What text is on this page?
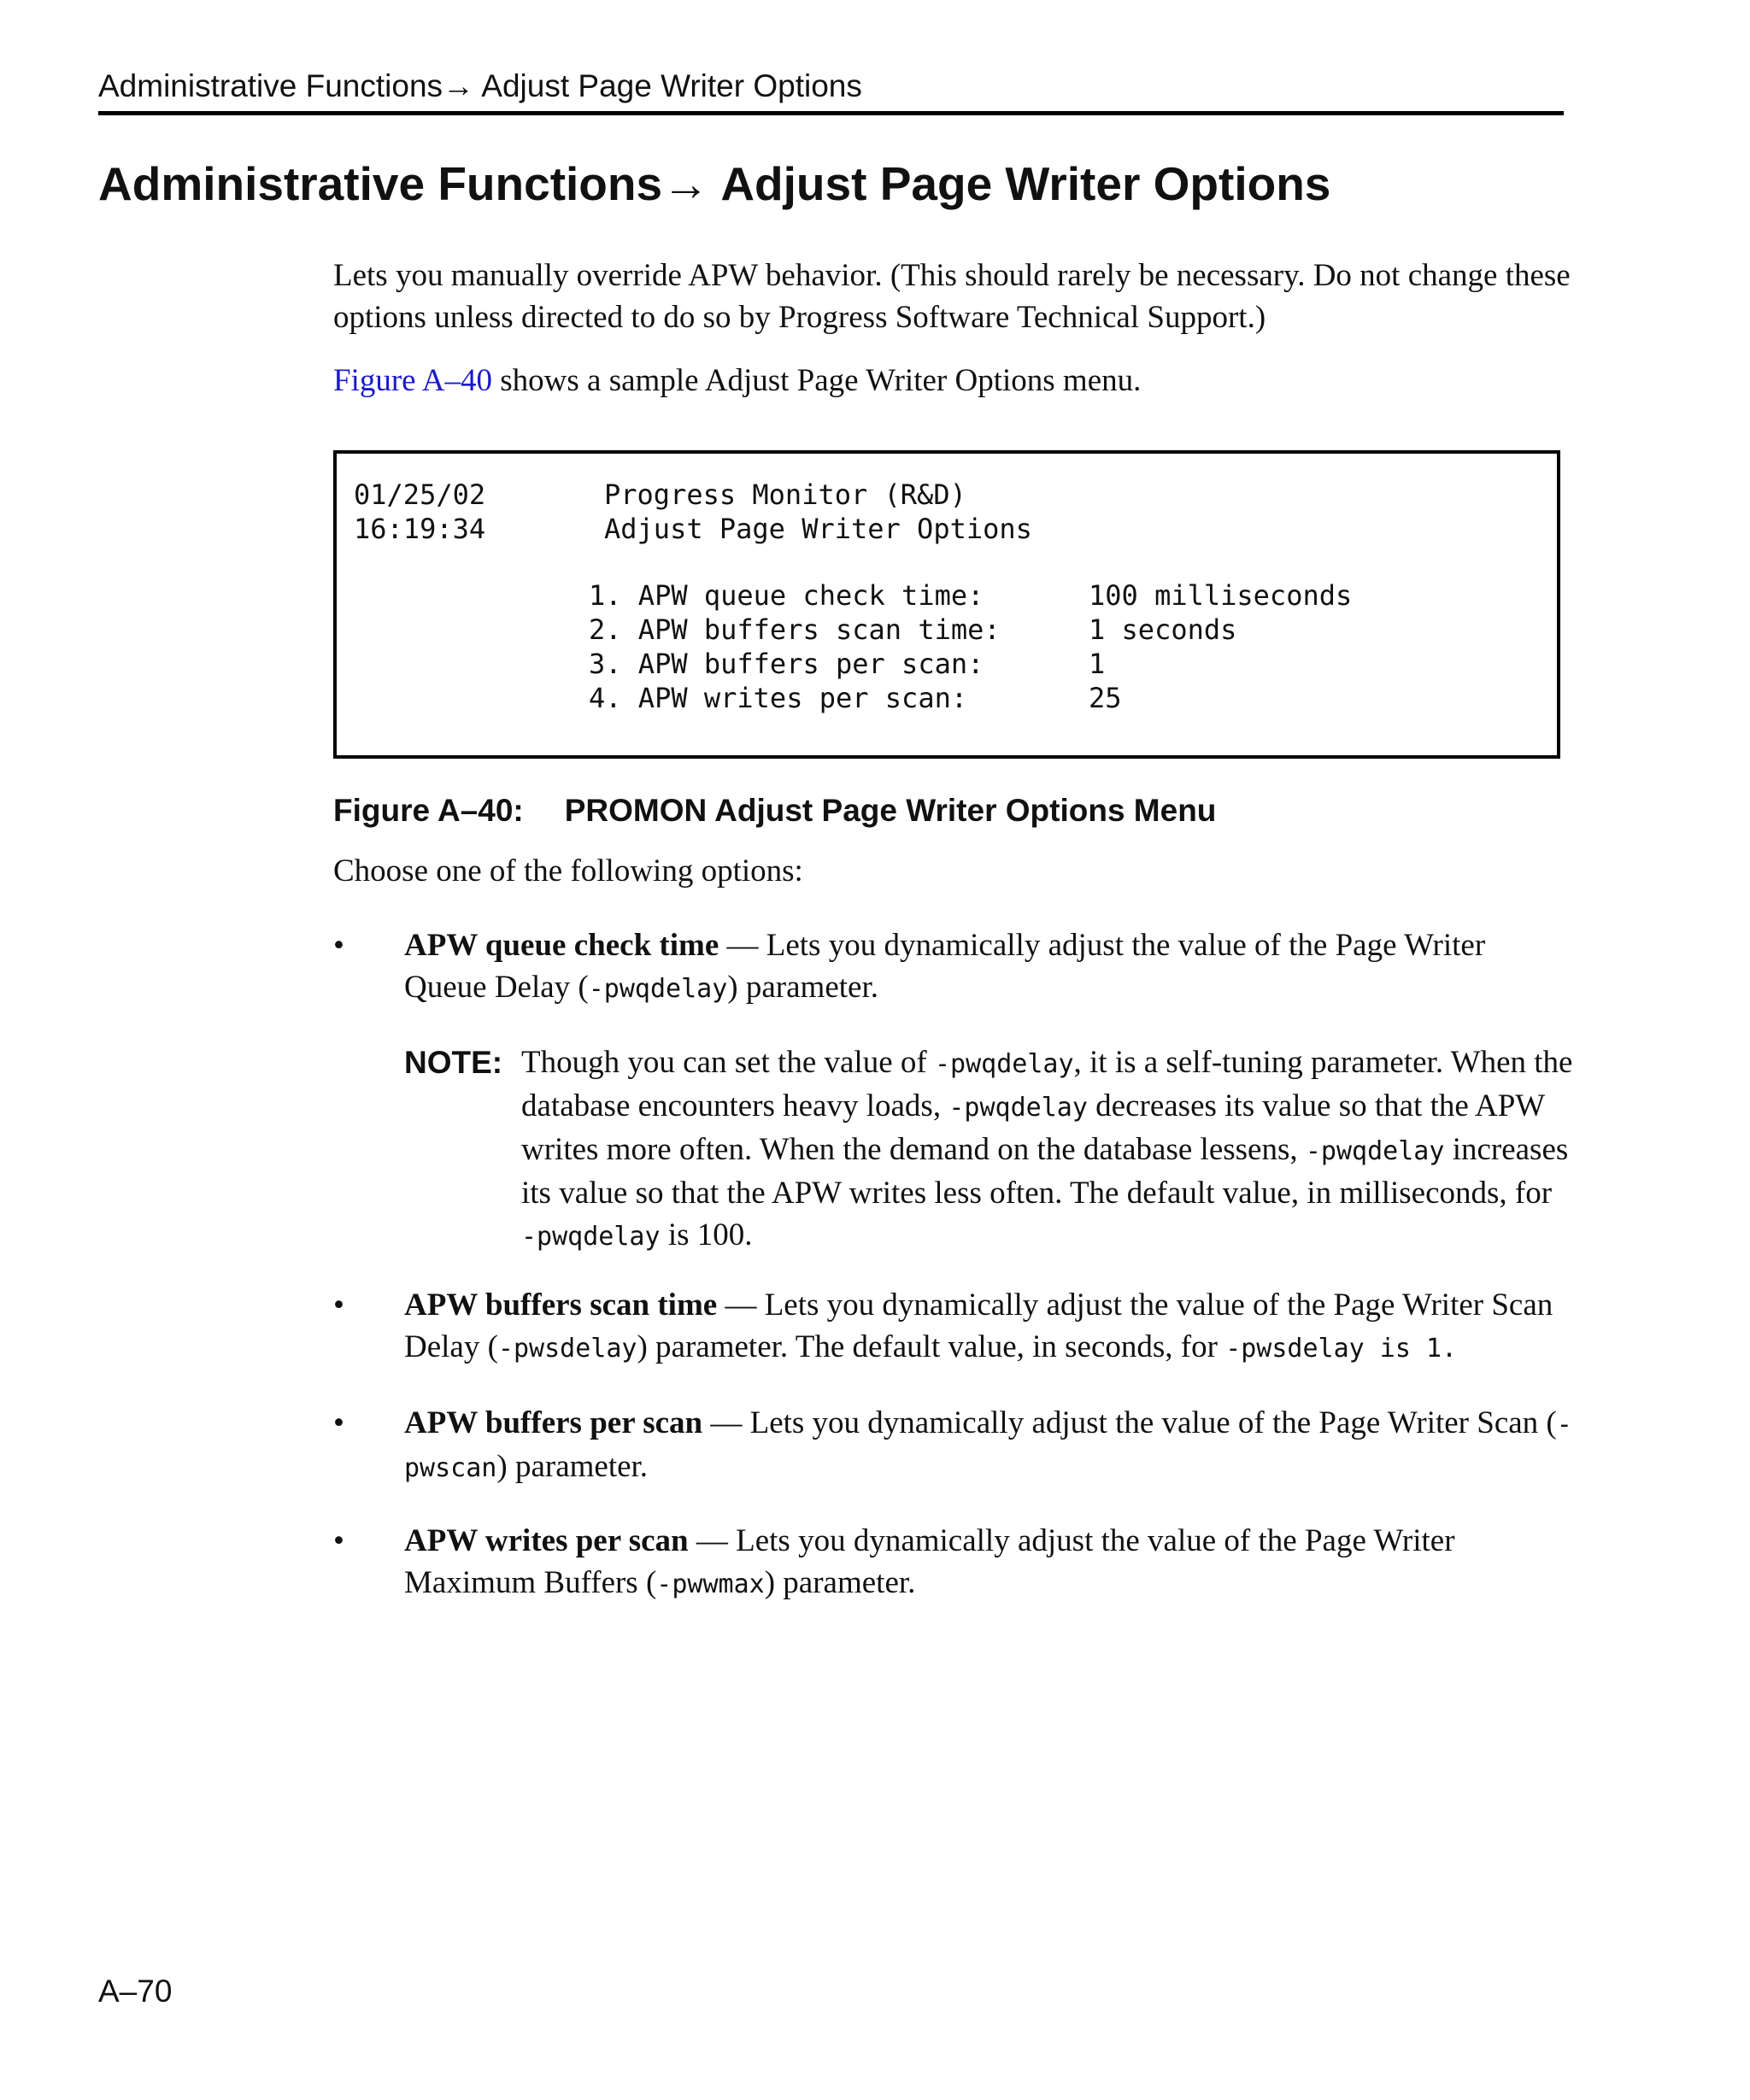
Administrative Functions→ Adjust Page Writer Options
Administrative Functions→ Adjust Page Writer Options

Lets you manually override APW behavior. (This should rarely be necessary. Do not change these options unless directed to do so by Progress Software Technical Support.)

Figure A–40 shows a sample Adjust Page Writer Options menu.

01/25/02
16:19:34
Progress Monitor (R&D)
Adjust Page Writer Options
1. APW queue check time:	100 milliseconds
2. APW buffers scan time:	1 seconds
3. APW buffers per scan:	1
4. APW writes per scan:	25

Figure A–40: PROMON Adjust Page Writer Options Menu

Choose one of the following options:

• APW queue check time — Lets you dynamically adjust the value of the Page Writer Queue Delay (-pwqdelay) parameter.

NOTE: Though you can set the value of -pwqdelay, it is a self-tuning parameter. When the database encounters heavy loads, -pwqdelay decreases its value so that the APW writes more often. When the demand on the database lessens, -pwqdelay increases its value so that the APW writes less often. The default value, in milliseconds, for -pwqdelay is 100.

• APW buffers scan time — Lets you dynamically adjust the value of the Page Writer Scan Delay (-pwsdelay) parameter. The default value, in seconds, for -pwsdelay is 1.

• APW buffers per scan — Lets you dynamically adjust the value of the Page Writer Scan (-pwscan) parameter.

• APW writes per scan — Lets you dynamically adjust the value of the Page Writer Maximum Buffers (-pwwmax) parameter.

A–70
